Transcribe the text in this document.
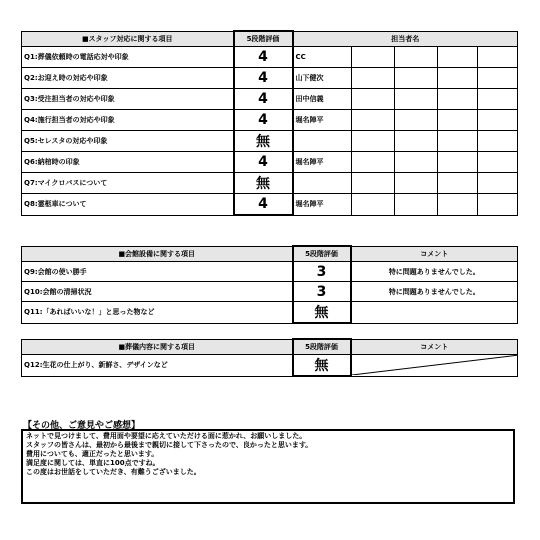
■スタッフ対応に関する項目	5段階評価	担当者名				
Q1:葬儀依頼時の電話応対や印象	4	CC				
Q2:お迎え時の対応や印象	4	山下健次				
Q3:受注担当者の対応や印象	4	田中信義				
Q4:施行担当者の対応や印象	4	堀名陣平				
Q5:セレスタの対応や印象	無					
Q6:納棺時の印象	4	堀名陣平				
Q7:マイクロバスについて	無					
Q8:霊柩車について	4	堀名陣平				
■会館設備に関する項目	5段階評価	コメント
Q9:会館の使い勝手	3	特に問題ありませんでした。
Q10:会館の清掃状況	3	特に問題ありませんでした。
Q11:「あればいいな！」と思った物など	無	
■葬儀内容に関する項目	5段階評価	コメント
Q12:生花の仕上がり、新鮮さ、デザインなど	無	
【その他、ご意見やご感想】
ネットで見つけまして、費用面や要望に応えていただける面に惹かれ、お願いしました。
スタッフの皆さんは、最初から最後まで親切に接して下さったので、良かったと思います。
費用についても、適正だったと思います。
満足度に関しては、単直に100点ですね。
この度はお世話をしていただき、有難うございました。
